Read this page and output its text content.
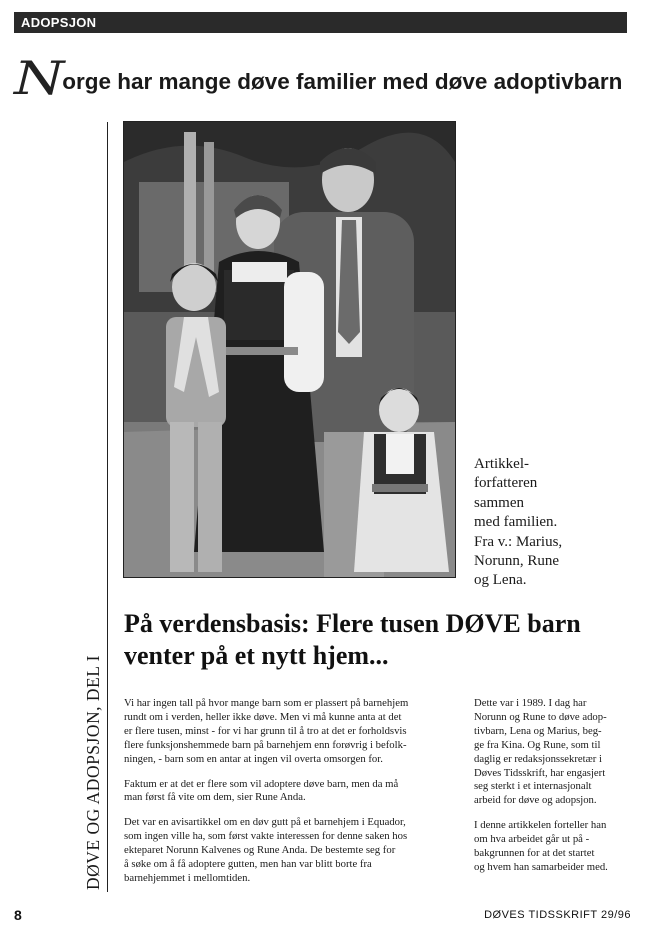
ADOPSJON
Norge har mange døve familier med døve adoptivbarn
DØVE OG ADOPSJON, DEL I
Artikkel-
forfatteren
sammen
med familien.
Fra v.: Marius,
Norunn, Rune
og Lena.
På verdensbasis: Flere tusen DØVE barn
venter på et nytt hjem...

Vi har ingen tall på hvor mange barn som er plassert på barnehjem
rundt om i verden, heller ikke døve. Men vi må kunne anta at det
er flere tusen, minst - for vi har grunn til å tro at det er forholdsvis
flere funksjonshemmede barn på barnehjem enn forøvrig i befolk-
ningen, - barn som en antar at ingen vil overta omsorgen for.

Faktum er at det er flere som vil adoptere døve barn, men da må
man først få vite om dem, sier Rune Anda.

Det var en avisartikkel om en døv gutt på et barnehjem i Equador,
som ingen ville ha, som først vakte interessen for denne saken hos
ekteparet Norunn Kalvenes og Rune Anda. De bestemte seg for
å søke om å få adoptere gutten, men han var blitt borte fra
barnehjemmet i mellomtiden.

Dette var i 1989. I dag har
Norunn og Rune to døve adop-
tivbarn, Lena og Marius, beg-
ge fra Kina. Og Rune, som til
daglig er redaksjonssekretær i
Døves Tidsskrift, har engasjert
seg sterkt i et internasjonalt
arbeid for døve og adopsjon.

I denne artikkelen forteller han
om hva arbeidet går ut på -
bakgrunnen for at det startet
og hvem han samarbeider med.

8	DØVES TIDSSKRIFT 29/96
